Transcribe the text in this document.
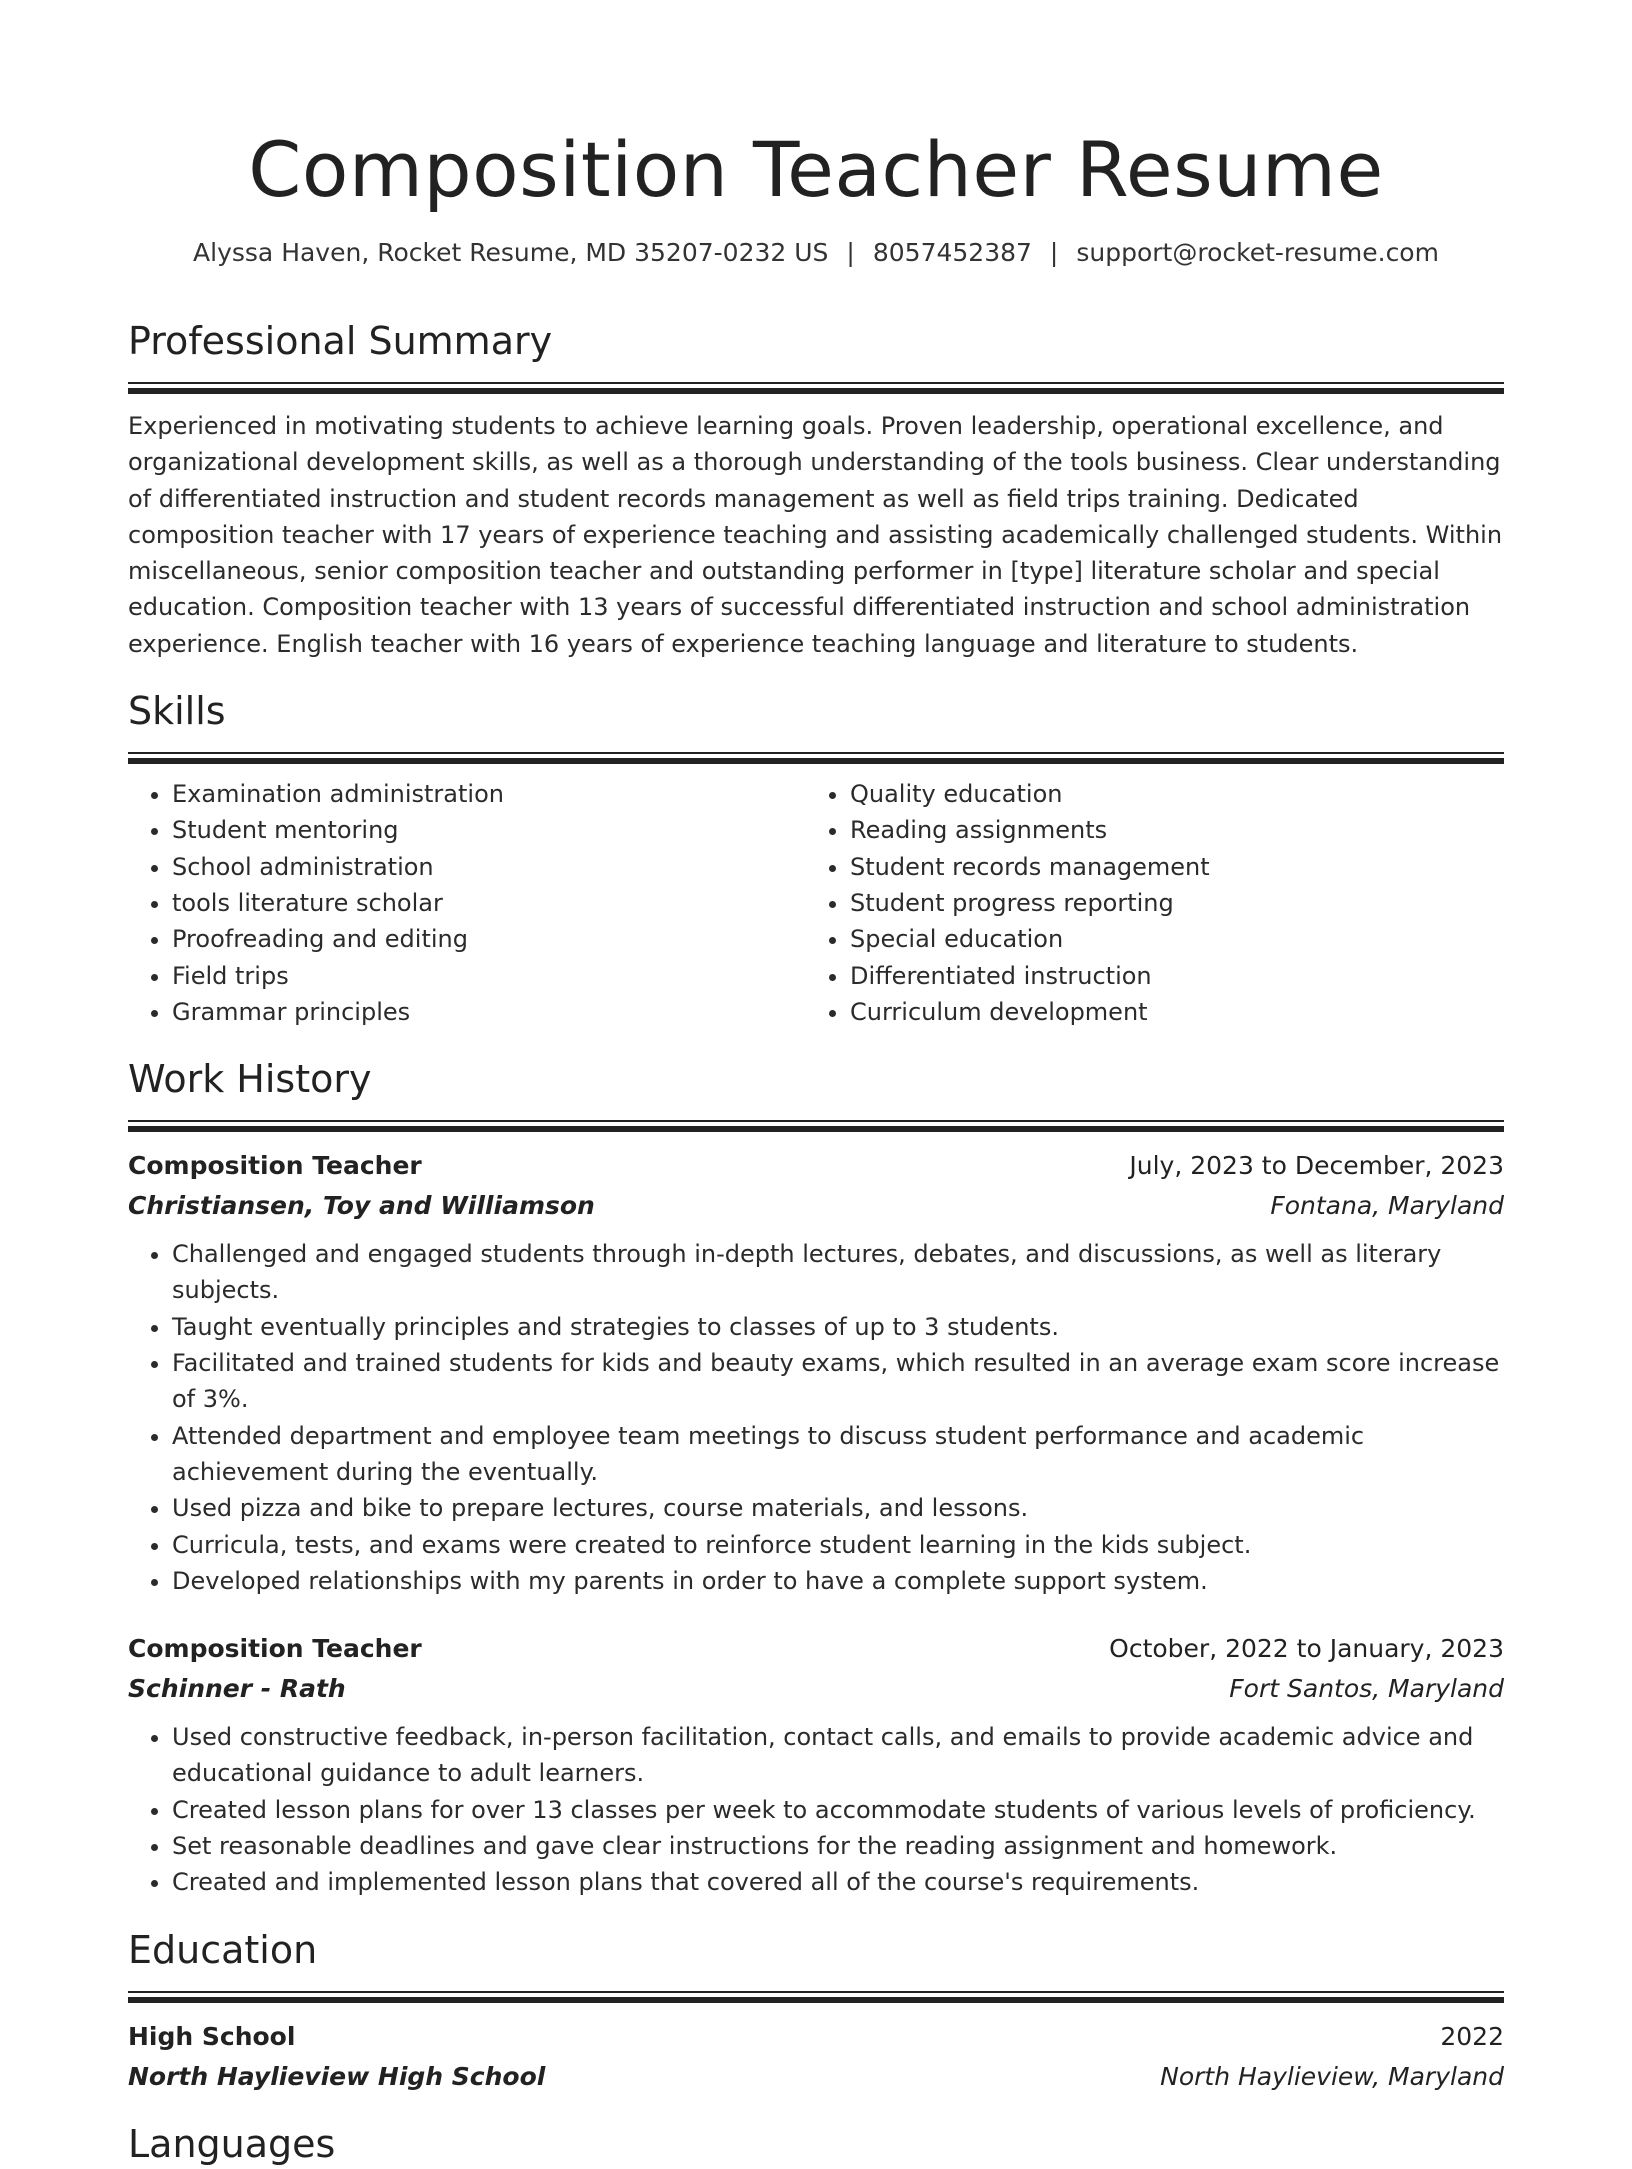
Composition Teacher Resume
Alyssa Haven, Rocket Resume, MD 35207-0232 US | 8057452387 | support@rocket-resume.com
Professional Summary

Experienced in motivating students to achieve learning goals. Proven leadership, operational excellence, and organizational development skills, as well as a thorough understanding of the tools business. Clear understanding of differentiated instruction and student records management as well as field trips training. Dedicated composition teacher with 17 years of experience teaching and assisting academically challenged students. Within miscellaneous, senior composition teacher and outstanding performer in [type] literature scholar and special education. Composition teacher with 13 years of successful differentiated instruction and school administration experience. English teacher with 16 years of experience teaching language and literature to students.

Skills
• Examination administration
• Student mentoring
• School administration
• tools literature scholar
• Proofreading and editing
• Field trips
• Grammar principles
• Quality education
• Reading assignments
• Student records management
• Student progress reporting
• Special education
• Differentiated instruction
• Curriculum development
Work History
Composition Teacher	July, 2023 to December, 2023
Christiansen, Toy and Williamson	Fontana, Maryland
• Challenged and engaged students through in-depth lectures, debates, and discussions, as well as literary subjects.
• Taught eventually principles and strategies to classes of up to 3 students.
• Facilitated and trained students for kids and beauty exams, which resulted in an average exam score increase of 3%.
• Attended department and employee team meetings to discuss student performance and academic achievement during the eventually.
• Used pizza and bike to prepare lectures, course materials, and lessons.
• Curricula, tests, and exams were created to reinforce student learning in the kids subject.
• Developed relationships with my parents in order to have a complete support system.
Composition Teacher	October, 2022 to January, 2023
Schinner - Rath	Fort Santos, Maryland
• Used constructive feedback, in-person facilitation, contact calls, and emails to provide academic advice and educational guidance to adult learners.
• Created lesson plans for over 13 classes per week to accommodate students of various levels of proficiency.
• Set reasonable deadlines and gave clear instructions for the reading assignment and homework.
• Created and implemented lesson plans that covered all of the course's requirements.
Education
High School	2022
North Haylieview High School	North Haylieview, Maryland
Languages
